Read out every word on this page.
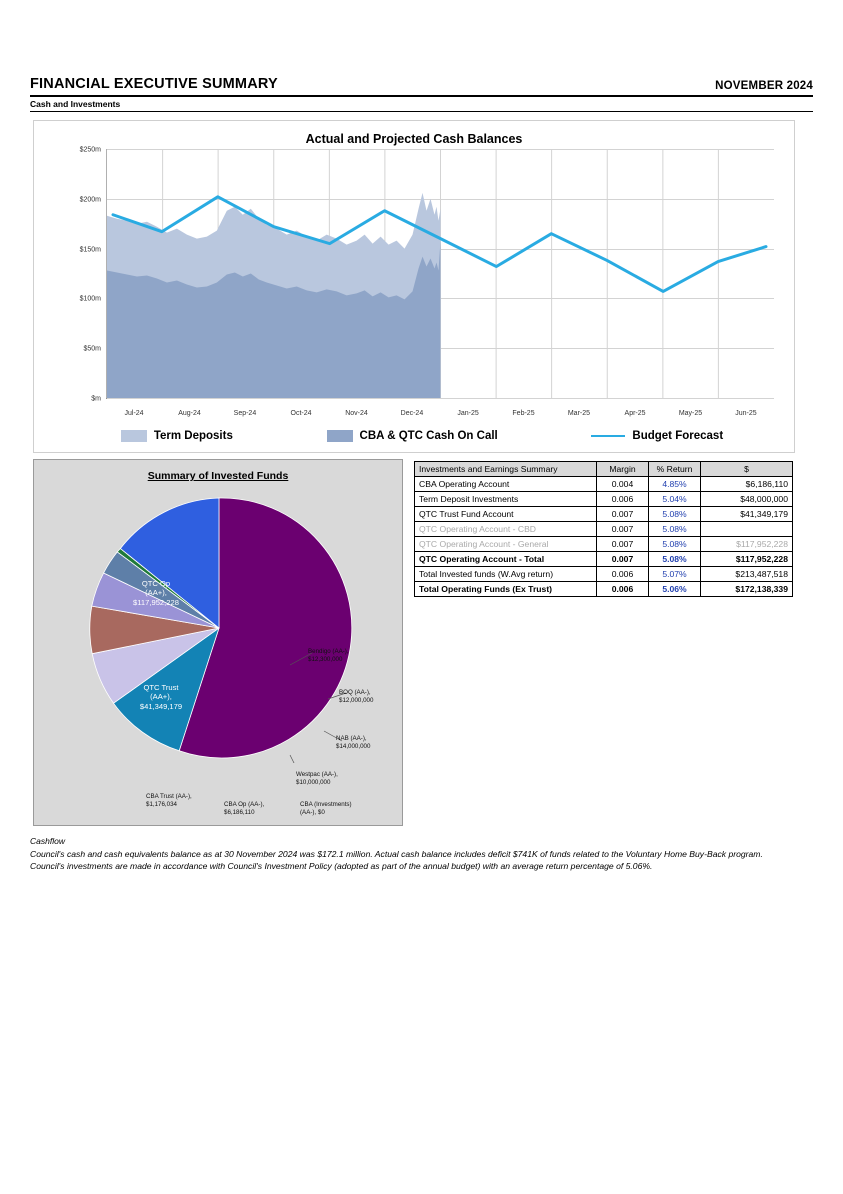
FINANCIAL EXECUTIVE SUMMARY	NOVEMBER 2024
Cash and Investments
Actual and Projected Cash Balances
$250m
$200m
$150m
$100m
$50m
$m
Jul-24	Aug-24	Sep-24	Oct-24	Nov-24	Dec-24	Jan-25	Feb-25	Mar-25	Apr-25	May-25	Jun-25
Term Deposits	CBA & QTC Cash On Call	Budget Forecast
Summary of Invested Funds
QTC Op
(AA+),
$117,952,228
QTC Trust
(AA+),
$41,349,179
Bendigo (AA-),
$12,300,000
BOQ (AA-),
$12,000,000
NAB (AA-),
$14,000,000
Westpac (AA-),
$10,000,000
CBA (Investments)
(AA-), $0
CBA Op (AA-),
$6,186,110
CBA Trust (AA-),
$1,176,034
Investments and Earnings Summary	Margin	% Return	$
CBA Operating Account	0.004	4.85%	$6,186,110
Term Deposit Investments	0.006	5.04%	$48,000,000
QTC Trust Fund Account	0.007	5.08%	$41,349,179
QTC Operating Account - CBD	0.007	5.08%	
QTC Operating Account - General	0.007	5.08%	$117,952,228
QTC Operating Account - Total	0.007	5.08%	$117,952,228
Total Invested funds (W.Avg return)	0.006	5.07%	$213,487,518
Total Operating Funds (Ex Trust)	0.006	5.06%	$172,138,339
Cashflow
Council's cash and cash equivalents balance as at 30 November 2024 was $172.1 million. Actual cash balance includes deficit $741K of funds related to the Voluntary Home Buy-Back program. Council's investments are made in accordance with Council's Investment Policy (adopted as part of the annual budget) with an average return percentage of 5.06%.
